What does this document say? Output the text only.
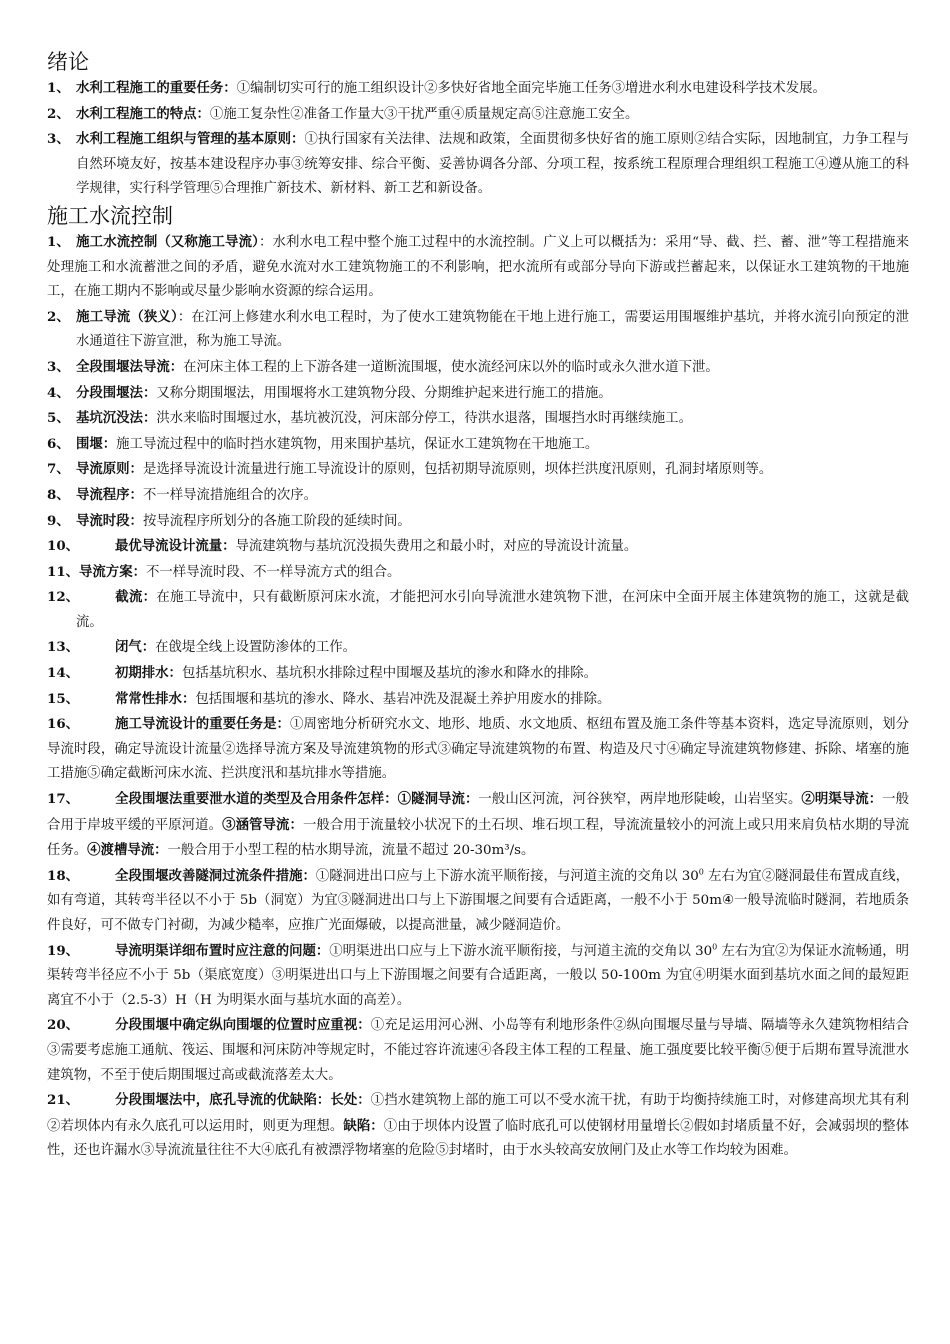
绪论
1、 水利工程施工的重要任务：①编制切实可行的施工组织设计②多快好省地全面完毕施工任务③增进水利水电建设科学技术发展。
2、 水利工程施工的特点：①施工复杂性②准备工作量大③干扰严重④质量规定高⑤注意施工安全。
3、 水利工程施工组织与管理的基本原则：①执行国家有关法律、法规和政策，全面贯彻多快好省的施工原则②结合实际，因地制宜，力争工程与自然环境友好，按基本建设程序办事③统筹安排、综合平衡、妥善协调各分部、分项工程，按系统工程原理合理组织工程施工④遵从施工的科学规律，实行科学管理⑤合理推广新技术、新材料、新工艺和新设备。
施工水流控制
1、 施工水流控制（又称施工导流）：水利水电工程中整个施工过程中的水流控制。广义上可以概括为：采用“导、截、拦、蓄、泄”等工程措施来处理施工和水流蓄泄之间的矛盾，避免水流对水工建筑物施工的不利影响，把水流所有或部分导向下游或拦蓄起来，以保证水工建筑物的干地施工，在施工期内不影响或尽量少影响水资源的综合运用。
2、 施工导流（狭义）：在江河上修建水利水电工程时，为了使水工建筑物能在干地上进行施工，需要运用围堰维护基坑，并将水流引向预定的泄水通道往下游宣泄，称为施工导流。
3、 全段围堰法导流：在河床主体工程的上下游各建一道断流围堰，使水流经河床以外的临时或永久泄水道下泄。
4、 分段围堰法：又称分期围堰法，用围堰将水工建筑物分段、分期维护起来进行施工的措施。
5、 基坑沉没法：洪水来临时围堰过水，基坑被沉没，河床部分停工，待洪水退落，围堰挡水时再继续施工。
6、 围堰：施工导流过程中的临时挡水建筑物，用来围护基坑，保证水工建筑物在干地施工。
7、 导流原则：是选择导流设计流量进行施工导流设计的原则，包括初期导流原则，坝体拦洪度汛原则，孔洞封堵原则等。
8、 导流程序：不一样导流措施组合的次序。
9、 导流时段：按导流程序所划分的各施工阶段的延续时间。
10、	最优导流设计流量：导流建筑物与基坑沉没损失费用之和最小时，对应的导流设计流量。
11、导流方案：不一样导流时段、不一样导流方式的组合。
12、	截流：在施工导流中，只有截断原河床水流，才能把河水引向导流泄水建筑物下泄，在河床中全面开展主体建筑物的施工，这就是截流。
13、	闭气：在戗堤全线上设置防渗体的工作。
14、	初期排水：包括基坑积水、基坑积水排除过程中围堰及基坑的渗水和降水的排除。
15、	常常性排水：包括围堰和基坑的渗水、降水、基岩冲洗及混凝土养护用废水的排除。
16、	施工导流设计的重要任务是：①周密地分析研究水文、地形、地质、水文地质、枢纽布置及施工条件等基本资料，选定导流原则，划分导流时段，确定导流设计流量②选择导流方案及导流建筑物的形式③确定导流建筑物的布置、构造及尺寸④确定导流建筑物修建、拆除、堵塞的施工措施⑤确定截断河床水流、拦洪度汛和基坑排水等措施。
17、	全段围堰法重要泄水道的类型及合用条件怎样：①隧洞导流：一般山区河流，河谷狭窄，两岸地形陡峻，山岩坚实。②明渠导流：一般合用于岸坡平缓的平原河道。③涵管导流：一般合用于流量较小状况下的土石坝、堆石坝工程，导流流量较小的河流上或只用来肩负枯水期的导流任务。④渡槽导流：一般合用于小型工程的枯水期导流，流量不超过 20-30m³/s。
18、	全段围堰改善隧洞过流条件措施：①隧洞进出口应与上下游水流平顺衔接，与河道主流的交角以 $30^0$ 左右为宜②隧洞最佳布置成直线，如有弯道，其转弯半径以不小于 5b（洞宽）为宜③隧洞进出口与上下游围堰之间要有合适距离，一般不小于 50m④一般导流临时隧洞，若地质条件良好，可不做专门衬砌，为减少糙率，应推广光面爆破，以提高泄量，减少隧洞造价。
19、	导流明渠详细布置时应注意的问题：①明渠进出口应与上下游水流平顺衔接，与河道主流的交角以 $30^0$ 左右为宜②为保证水流畅通，明渠转弯半径应不小于 5b（渠底宽度）③明渠进出口与上下游围堰之间要有合适距离，一般以 50-100m 为宜④明渠水面到基坑水面之间的最短距离宜不小于（2.5-3）H（H 为明渠水面与基坑水面的高差）。
20、	分段围堰中确定纵向围堰的位置时应重视：①充足运用河心洲、小岛等有利地形条件②纵向围堰尽量与导墙、隔墙等永久建筑物相结合③需要考虑施工通航、筏运、围堰和河床防冲等规定时，不能过容许流速④各段主体工程的工程量、施工强度要比较平衡⑤便于后期布置导流泄水建筑物，不至于使后期围堰过高或截流落差太大。
21、	分段围堰法中，底孔导流的优缺陷：长处：①挡水建筑物上部的施工可以不受水流干扰，有助于均衡持续施工时，对修建高坝尤其有利②若坝体内有永久底孔可以运用时，则更为理想。缺陷：①由于坝体内设置了临时底孔可以使钢材用量增长②假如封堵质量不好，会减弱坝的整体性，还也许漏水③导流流量往往不大④底孔有被漂浮物堵塞的危险⑤封堵时，由于水头较高安放闸门及止水等工作均较为困难。
